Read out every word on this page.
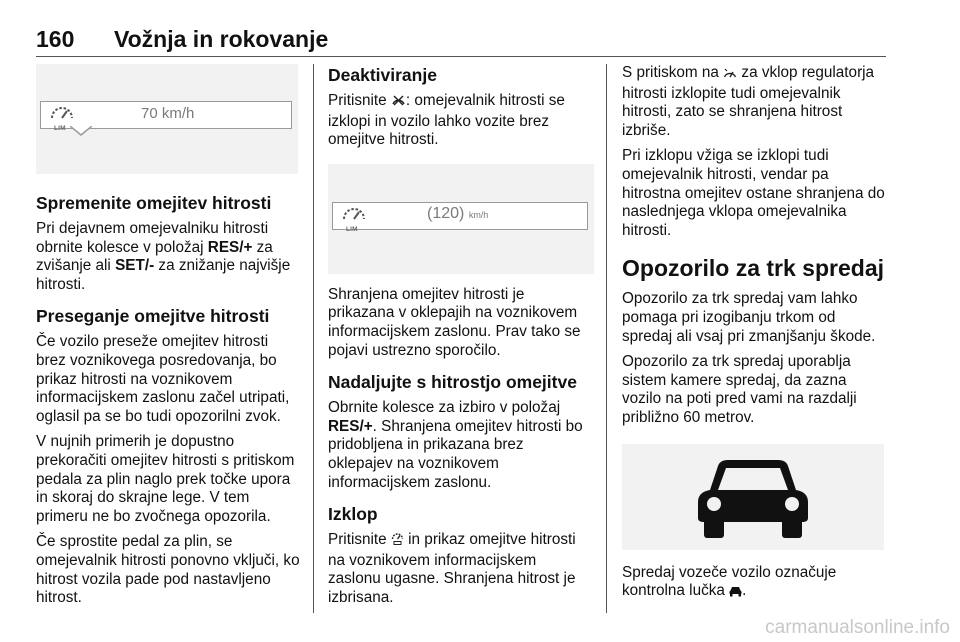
160 Vožnja in rokovanje
LIM
70 km/h
Spremenite omejitev hitrosti

Pri dejavnem omejevalniku hitrosti obrnite kolesce v položaj RES/+ za zvišanje ali SET/- za znižanje najvišje hitrosti.

Preseganje omejitve hitrosti

Če vozilo preseže omejitev hitrosti brez voznikovega posredovanja, bo prikaz hitrosti na voznikovem informacijskem zaslonu začel utripati, oglasil pa se bo tudi opozorilni zvok.

V nujnih primerih je dopustno prekoračiti omejitev hitrosti s pritiskom pedala za plin naglo prek točke upora in skoraj do skrajne lege. V tem primeru ne bo zvočnega opozorila.

Če sprostite pedal za plin, se omejevalnik hitrosti ponovno vključi, ko hitrost vozila pade pod nastavljeno hitrost.

Deaktiviranje

Pritisnite : omejevalnik hitrosti se izklopi in vozilo lahko vozite brez omejitve hitrosti.

LIM
(120) km/h

Shranjena omejitev hitrosti je prikazana v oklepajih na voznikovem informacijskem zaslonu. Prav tako se pojavi ustrezno sporočilo.

Nadaljujte s hitrostjo omejitve

Obrnite kolesce za izbiro v položaj RES/+. Shranjena omejitev hitrosti bo pridobljena in prikazana brez oklepajev na voznikovem informacijskem zaslonu.

Izklop

Pritisnite  in prikaz omejitve hitrosti na voznikovem informacijskem zaslonu ugasne. Shranjena hitrost je izbrisana.

S pritiskom na  za vklop regulatorja hitrosti izklopite tudi omejevalnik hitrosti, zato se shranjena hitrost izbriše.

Pri izklopu vžiga se izklopi tudi omejevalnik hitrosti, vendar pa hitrostna omejitev ostane shranjena do naslednjega vklopa omejevalnika hitrosti.

Opozorilo za trk spredaj

Opozorilo za trk spredaj vam lahko pomaga pri izogibanju trkom od spredaj ali vsaj pri zmanjšanju škode.

Opozorilo za trk spredaj uporablja sistem kamere spredaj, da zazna vozilo na poti pred vami na razdalji približno 60 metrov.

Spredaj vozeče vozilo označuje kontrolna lučka .

carmanualsonline.info
